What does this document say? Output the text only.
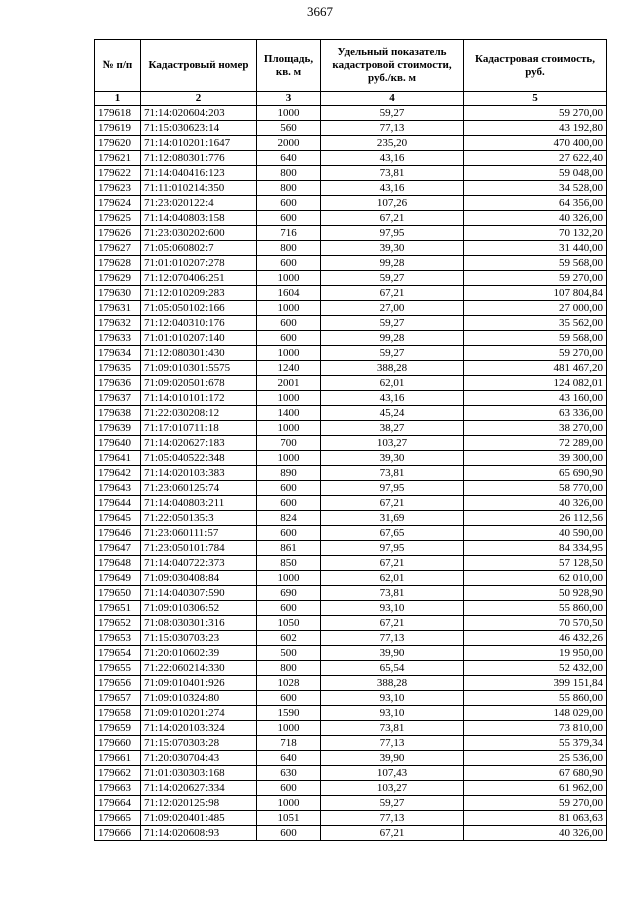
3667
№ п/п	Кадастровый номер	Площадь, кв. м	Удельный показатель кадастровой стоимости, руб./кв. м	Кадастровая стоимость, руб.
1	2	3	4	5
179618	71:14:020604:203	1000	59,27	59 270,00
179619	71:15:030623:14	560	77,13	43 192,80
179620	71:14:010201:1647	2000	235,20	470 400,00
179621	71:12:080301:776	640	43,16	27 622,40
179622	71:14:040416:123	800	73,81	59 048,00
179623	71:11:010214:350	800	43,16	34 528,00
179624	71:23:020122:4	600	107,26	64 356,00
179625	71:14:040803:158	600	67,21	40 326,00
179626	71:23:030202:600	716	97,95	70 132,20
179627	71:05:060802:7	800	39,30	31 440,00
179628	71:01:010207:278	600	99,28	59 568,00
179629	71:12:070406:251	1000	59,27	59 270,00
179630	71:12:010209:283	1604	67,21	107 804,84
179631	71:05:050102:166	1000	27,00	27 000,00
179632	71:12:040310:176	600	59,27	35 562,00
179633	71:01:010207:140	600	99,28	59 568,00
179634	71:12:080301:430	1000	59,27	59 270,00
179635	71:09:010301:5575	1240	388,28	481 467,20
179636	71:09:020501:678	2001	62,01	124 082,01
179637	71:14:010101:172	1000	43,16	43 160,00
179638	71:22:030208:12	1400	45,24	63 336,00
179639	71:17:010711:18	1000	38,27	38 270,00
179640	71:14:020627:183	700	103,27	72 289,00
179641	71:05:040522:348	1000	39,30	39 300,00
179642	71:14:020103:383	890	73,81	65 690,90
179643	71:23:060125:74	600	97,95	58 770,00
179644	71:14:040803:211	600	67,21	40 326,00
179645	71:22:050135:3	824	31,69	26 112,56
179646	71:23:060111:57	600	67,65	40 590,00
179647	71:23:050101:784	861	97,95	84 334,95
179648	71:14:040722:373	850	67,21	57 128,50
179649	71:09:030408:84	1000	62,01	62 010,00
179650	71:14:040307:590	690	73,81	50 928,90
179651	71:09:010306:52	600	93,10	55 860,00
179652	71:08:030301:316	1050	67,21	70 570,50
179653	71:15:030703:23	602	77,13	46 432,26
179654	71:20:010602:39	500	39,90	19 950,00
179655	71:22:060214:330	800	65,54	52 432,00
179656	71:09:010401:926	1028	388,28	399 151,84
179657	71:09:010324:80	600	93,10	55 860,00
179658	71:09:010201:274	1590	93,10	148 029,00
179659	71:14:020103:324	1000	73,81	73 810,00
179660	71:15:070303:28	718	77,13	55 379,34
179661	71:20:030704:43	640	39,90	25 536,00
179662	71:01:030303:168	630	107,43	67 680,90
179663	71:14:020627:334	600	103,27	61 962,00
179664	71:12:020125:98	1000	59,27	59 270,00
179665	71:09:020401:485	1051	77,13	81 063,63
179666	71:14:020608:93	600	67,21	40 326,00
